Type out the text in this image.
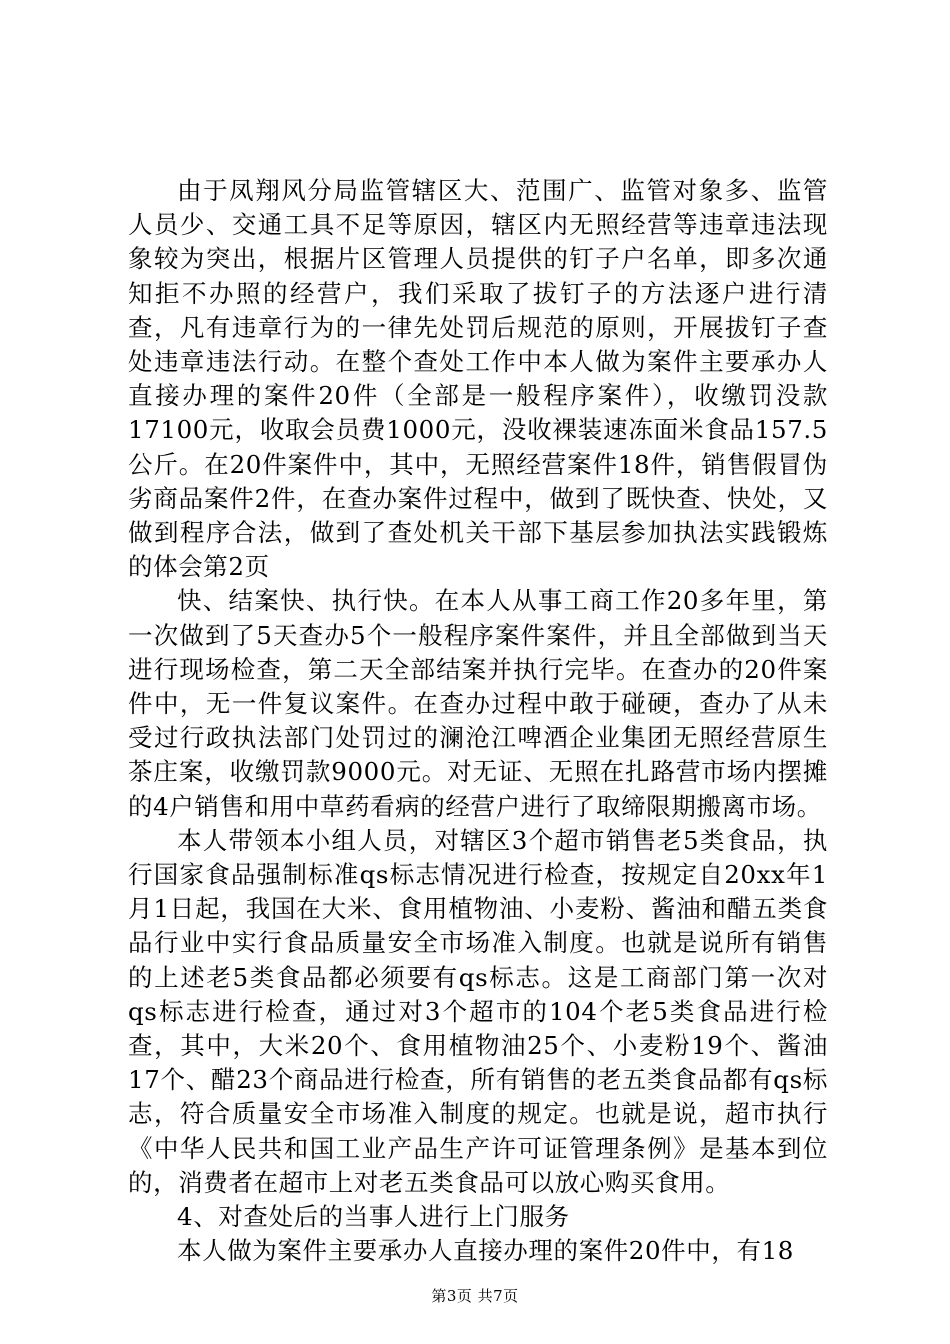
由于凤翔风分局监管辖区大、范围广、监管对象多、监管人员少、交通工具不足等原因，辖区内无照经营等违章违法现象较为突出，根据片区管理人员提供的钉子户名单，即多次通知拒不办照的经营户，我们采取了拔钉子的方法逐户进行清查，凡有违章行为的一律先处罚后规范的原则，开展拔钉子查处违章违法行动。在整个查处工作中本人做为案件主要承办人直接办理的案件20件（全部是一般程序案件），收缴罚没款17100元，收取会员费1000元，没收裸装速冻面米食品157.5公斤。在20件案件中，其中，无照经营案件18件，销售假冒伪劣商品案件2件，在查办案件过程中，做到了既快查、快处，又做到程序合法，做到了查处机关干部下基层参加执法实践锻炼的体会第2页

快、结案快、执行快。在本人从事工商工作20多年里，第一次做到了5天查办5个一般程序案件案件，并且全部做到当天进行现场检查，第二天全部结案并执行完毕。在查办的20件案件中，无一件复议案件。在查办过程中敢于碰硬，查办了从未受过行政执法部门处罚过的澜沧江啤酒企业集团无照经营原生茶庄案，收缴罚款9000元。对无证、无照在扎路营市场内摆摊的4户销售和用中草药看病的经营户进行了取缔限期搬离市场。

本人带领本小组人员，对辖区3个超市销售老5类食品，执行国家食品强制标准qs标志情况进行检查，按规定自20xx年1月1日起，我国在大米、食用植物油、小麦粉、酱油和醋五类食品行业中实行食品质量安全市场准入制度。也就是说所有销售的上述老5类食品都必须要有qs标志。这是工商部门第一次对qs标志进行检查，通过对3个超市的104个老5类食品进行检查，其中，大米20个、食用植物油25个、小麦粉19个、酱油17个、醋23个商品进行检查，所有销售的老五类食品都有qs标志，符合质量安全市场准入制度的规定。也就是说，超市执行《中华人民共和国工业产品生产许可证管理条例》是基本到位的，消费者在超市上对老五类食品可以放心购买食用。

4、对查处后的当事人进行上门服务

本人做为案件主要承办人直接办理的案件20件中，有18

第3页 共7页
